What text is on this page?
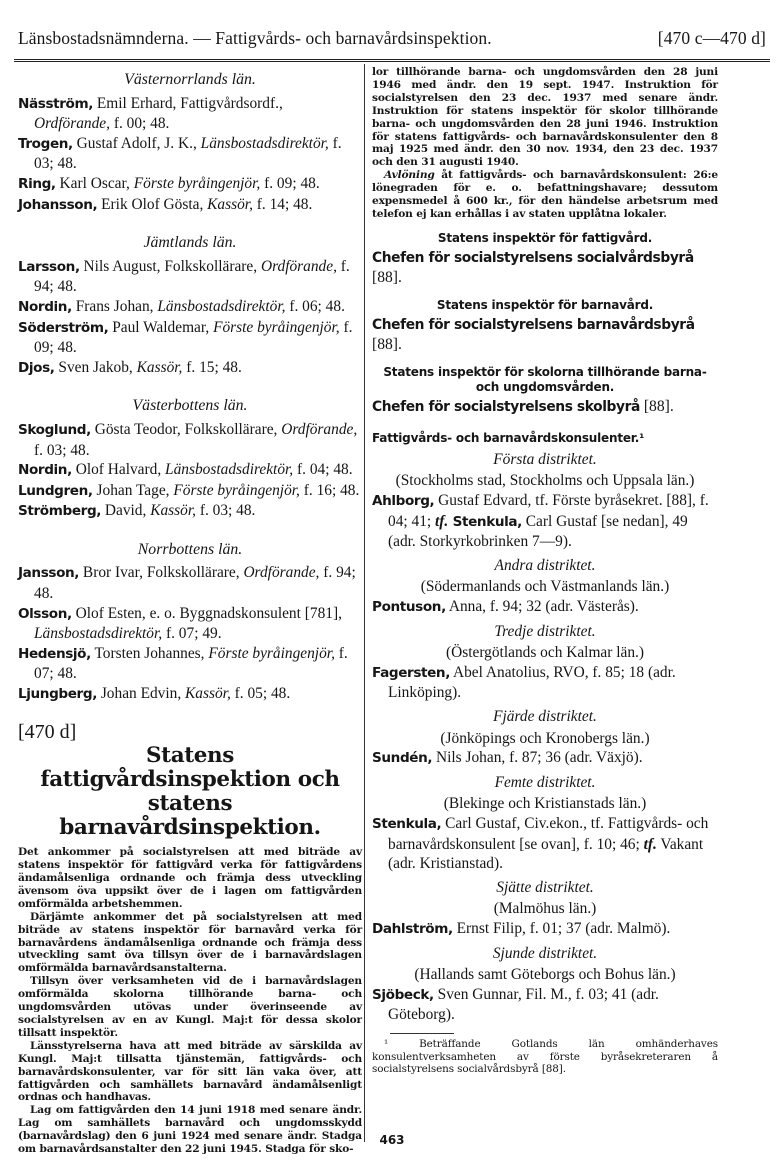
Länsbostadsnämnderna. — Fattigvårds- och barnavårdsinspektion.	[470 c—470 d]
Västernorrlands län.

Näsström, Emil Erhard, Fattigvårdsordf., Ordförande, f. 00; 48.

Trogen, Gustaf Adolf, J. K., Länsbostadsdirektör, f. 03; 48.

Ring, Karl Oscar, Förste byråingenjör, f. 09; 48.

Johansson, Erik Olof Gösta, Kassör, f. 14; 48.

Jämtlands län.

Larsson, Nils August, Folkskollärare, Ordförande, f. 94; 48.

Nordin, Frans Johan, Länsbostadsdirektör, f. 06; 48.

Söderström, Paul Waldemar, Förste byråingenjör, f. 09; 48.

Djos, Sven Jakob, Kassör, f. 15; 48.

Västerbottens län.

Skoglund, Gösta Teodor, Folkskollärare, Ordförande, f. 03; 48.

Nordin, Olof Halvard, Länsbostadsdirektör, f. 04; 48.

Lundgren, Johan Tage, Förste byråingenjör, f. 16; 48.

Strömberg, David, Kassör, f. 03; 48.

Norrbottens län.

Jansson, Bror Ivar, Folkskollärare, Ordförande, f. 94; 48.

Olsson, Olof Esten, e. o. Byggnadskonsulent [781], Länsbostadsdirektör, f. 07; 49.

Hedensjö, Torsten Johannes, Förste byråingenjör, f. 07; 48.

Ljungberg, Johan Edvin, Kassör, f. 05; 48.

[470 d]
Statens fattigvårdsinspektion och statens barnavårdsinspektion.

Det ankommer på socialstyrelsen att med biträde av statens inspektör för fattigvård verka för fattigvårdens ändamålsenliga ordnande och främja dess utveckling ävensom öva uppsikt över de i lagen om fattigvården omförmälda arbetshemmen.

Därjämte ankommer det på socialstyrelsen att med biträde av statens inspektör för barnavård verka för barnavårdens ändamålsenliga ordnande och främja dess utveckling samt öva tillsyn över de i barnavårdslagen omförmälda barnavårdsanstalterna.

Tillsyn över verksamheten vid de i barnavårdslagen omförmälda skolorna tillhörande barna- och ungdomsvården utövas under överinseende av socialstyrelsen av en av Kungl. Maj:t för dessa skolor tillsatt inspektör.

Länsstyrelserna hava att med biträde av särskilda av Kungl. Maj:t tillsatta tjänstemän, fattigvårds- och barnavårdskonsulenter, var för sitt län vaka över, att fattigvården och samhällets barnavård ändamålsenligt ordnas och handhavas.

Lag om fattigvården den 14 juni 1918 med senare ändr. Lag om samhällets barnavård och ungdomsskydd (barnavårdslag) den 6 juni 1924 med senare ändr. Stadga om barnavårdsanstalter den 22 juni 1945. Stadga för sko-

lor tillhörande barna- och ungdomsvården den 28 juni 1946 med ändr. den 19 sept. 1947. Instruktion för socialstyrelsen den 23 dec. 1937 med senare ändr. Instruktion för statens inspektör för skolor tillhörande barna- och ungdomsvården den 28 juni 1946. Instruktion för statens fattigvårds- och barnavårdskonsulenter den 8 maj 1925 med ändr. den 30 nov. 1934, den 23 dec. 1937 och den 31 augusti 1940.

Avlöning åt fattigvårds- och barnavårdskonsulent: 26:e lönegraden för e. o. befattningshavare; dessutom expensmedel å 600 kr., för den händelse arbetsrum med telefon ej kan erhållas i av staten upplåtna lokaler.

Statens inspektör för fattigvård.

Chefen för socialstyrelsens socialvårdsbyrå [88].

Statens inspektör för barnavård.

Chefen för socialstyrelsens barnavårdsbyrå [88].

Statens inspektör för skolorna tillhörande barna- och ungdomsvården.

Chefen för socialstyrelsens skolbyrå [88].

Fattigvårds- och barnavårdskonsulenter.¹
Första distriktet.

(Stockholms stad, Stockholms och Uppsala län.)

Ahlborg, Gustaf Edvard, tf. Förste byråsekret. [88], f. 04; 41; tf. Stenkula, Carl Gustaf [se nedan], 49 (adr. Storkyrkobrinken 7—9).

Andra distriktet.

(Södermanlands och Västmanlands län.)

Pontuson, Anna, f. 94; 32 (adr. Västerås).

Tredje distriktet.

(Östergötlands och Kalmar län.)

Fagersten, Abel Anatolius, RVO, f. 85; 18 (adr. Linköping).

Fjärde distriktet.

(Jönköpings och Kronobergs län.)

Sundén, Nils Johan, f. 87; 36 (adr. Växjö).

Femte distriktet.

(Blekinge och Kristianstads län.)

Stenkula, Carl Gustaf, Civ.ekon., tf. Fattigvårds- och barnavårdskonsulent [se ovan], f. 10; 46; tf. Vakant (adr. Kristianstad).

Sjätte distriktet.

(Malmöhus län.)

Dahlström, Ernst Filip, f. 01; 37 (adr. Malmö).

Sjunde distriktet.

(Hallands samt Göteborgs och Bohus län.)

Sjöbeck, Sven Gunnar, Fil. M., f. 03; 41 (adr. Göteborg).

¹ Beträffande Gotlands län omhänderhaves konsulentverksamheten av förste byråsekreteraren å socialstyrelsens socialvårdsbyrå [88].

463
